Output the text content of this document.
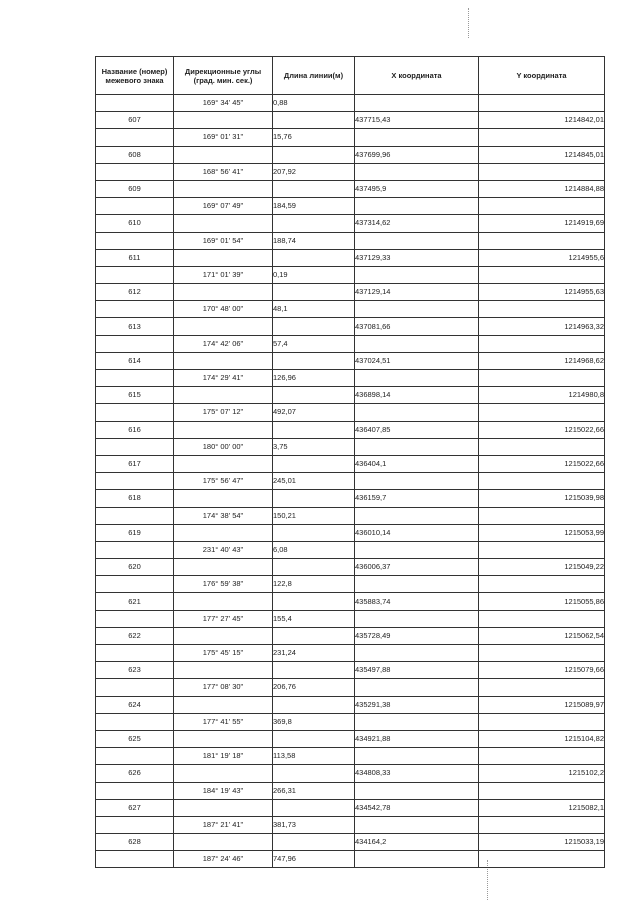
Название (номер) межевого знака	Дирекционные углы (град. мин. сек.)	Длина линии(м)	X координата	Y координата
	169° 34' 45"	0,88		
607			437715,43	1214842,01
	169° 01' 31"	15,76		
608			437699,96	1214845,01
	168° 56' 41"	207,92		
609			437495,9	1214884,88
	169° 07' 49"	184,59		
610			437314,62	1214919,69
	169° 01' 54"	188,74		
611			437129,33	1214955,6
	171° 01' 39"	0,19		
612			437129,14	1214955,63
	170° 48' 00"	48,1		
613			437081,66	1214963,32
	174° 42' 06"	57,4		
614			437024,51	1214968,62
	174° 29' 41"	126,96		
615			436898,14	1214980,8
	175° 07' 12"	492,07		
616			436407,85	1215022,66
	180° 00' 00"	3,75		
617			436404,1	1215022,66
	175° 56' 47"	245,01		
618			436159,7	1215039,98
	174° 38' 54"	150,21		
619			436010,14	1215053,99
	231° 40' 43"	6,08		
620			436006,37	1215049,22
	176° 59' 38"	122,8		
621			435883,74	1215055,86
	177° 27' 45"	155,4		
622			435728,49	1215062,54
	175° 45' 15"	231,24		
623			435497,88	1215079,66
	177° 08' 30"	206,76		
624			435291,38	1215089,97
	177° 41' 55"	369,8		
625			434921,88	1215104,82
	181° 19' 18"	113,58		
626			434808,33	1215102,2
	184° 19' 43"	266,31		
627			434542,78	1215082,1
	187° 21' 41"	381,73		
628			434164,2	1215033,19
	187° 24' 46"	747,96		
